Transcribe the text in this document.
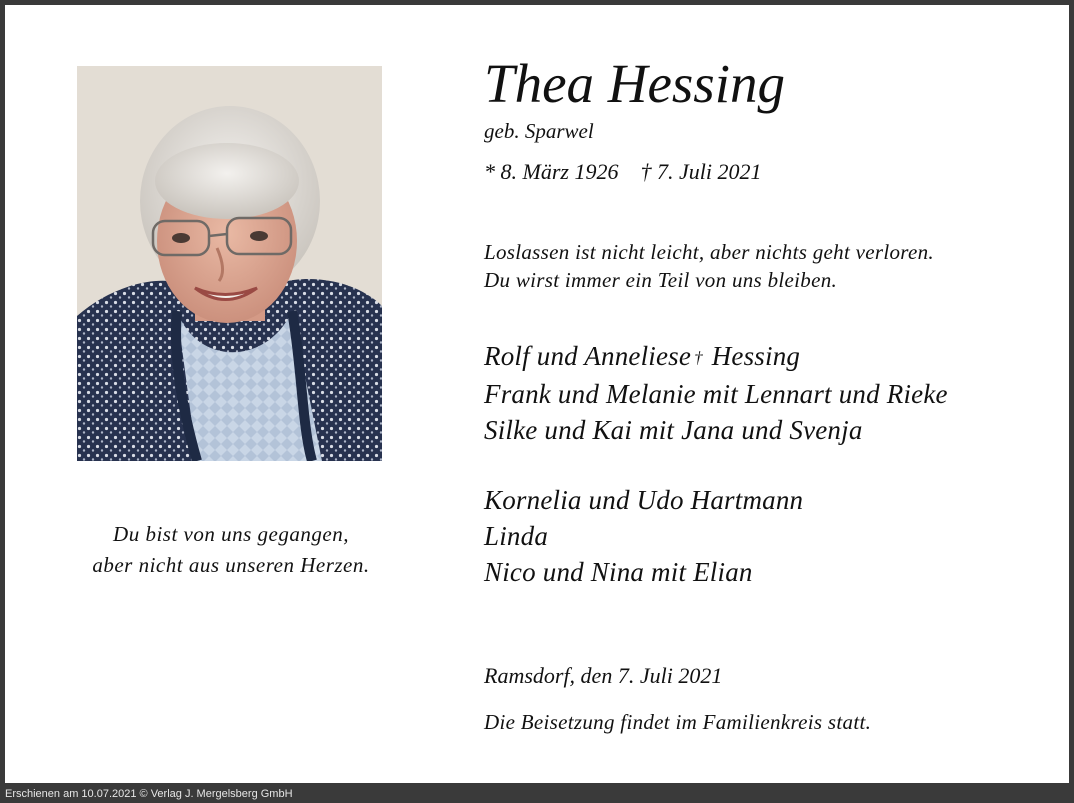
Du bist von uns gegangen,
aber nicht aus unseren Herzen.
Thea Hessing
geb. Sparwel
* 8. März 1926 † 7. Juli 2021
Loslassen ist nicht leicht, aber nichts geht verloren.
Du wirst immer ein Teil von uns bleiben.
Rolf und Anneliese † Hessing
Frank und Melanie mit Lennart und Rieke
Silke und Kai mit Jana und Svenja
Kornelia und Udo Hartmann
Linda
Nico und Nina mit Elian
Ramsdorf, den 7. Juli 2021
Die Beisetzung findet im Familienkreis statt.
Erschienen am 10.07.2021 © Verlag J. Mergelsberg GmbH
